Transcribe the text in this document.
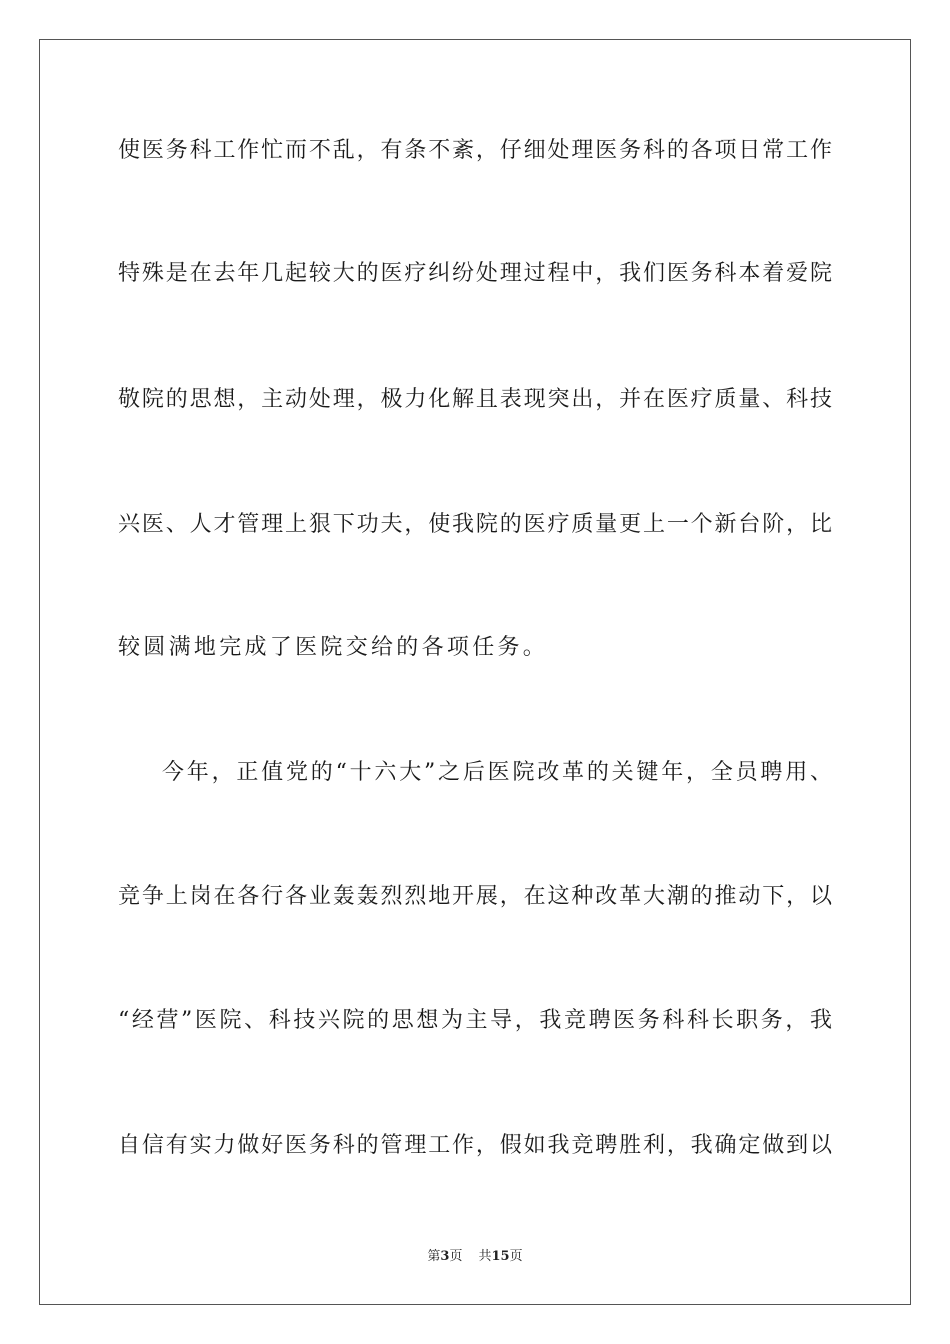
使医务科工作忙而不乱，有条不紊，仔细处理医务科的各项日常工作
特殊是在去年几起较大的医疗纠纷处理过程中，我们医务科本着爱院
敬院的思想，主动处理，极力化解且表现突出，并在医疗质量、科技
兴医、人才管理上狠下功夫，使我院的医疗质量更上一个新台阶，比
较圆满地完成了医院交给的各项任务。
今年，正值党的“十六大”之后医院改革的关键年，全员聘用、
竞争上岗在各行各业轰轰烈烈地开展，在这种改革大潮的推动下，以
“经营”医院、科技兴院的思想为主导，我竞聘医务科科长职务，我
自信有实力做好医务科的管理工作，假如我竞聘胜利，我确定做到以
第3页 共15页
